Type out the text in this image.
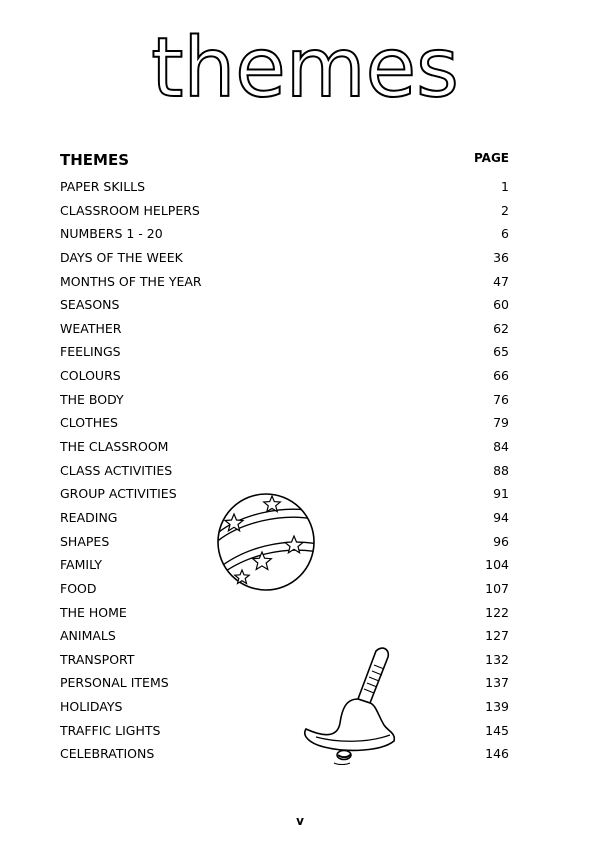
themes
THEMES	PAGE
PAPER SKILLS	1
CLASSROOM HELPERS	2
NUMBERS 1 - 20	6
DAYS OF THE WEEK	36
MONTHS OF THE YEAR	47
SEASONS	60
WEATHER	62
FEELINGS	65
COLOURS	66
THE BODY	76
CLOTHES	79
THE CLASSROOM	84
CLASS ACTIVITIES	88
GROUP ACTIVITIES	91
READING	94
SHAPES	96
FAMILY	104
FOOD	107
THE HOME	122
ANIMALS	127
TRANSPORT	132
PERSONAL ITEMS	137
HOLIDAYS	139
TRAFFIC LIGHTS	145
CELEBRATIONS	146
v
